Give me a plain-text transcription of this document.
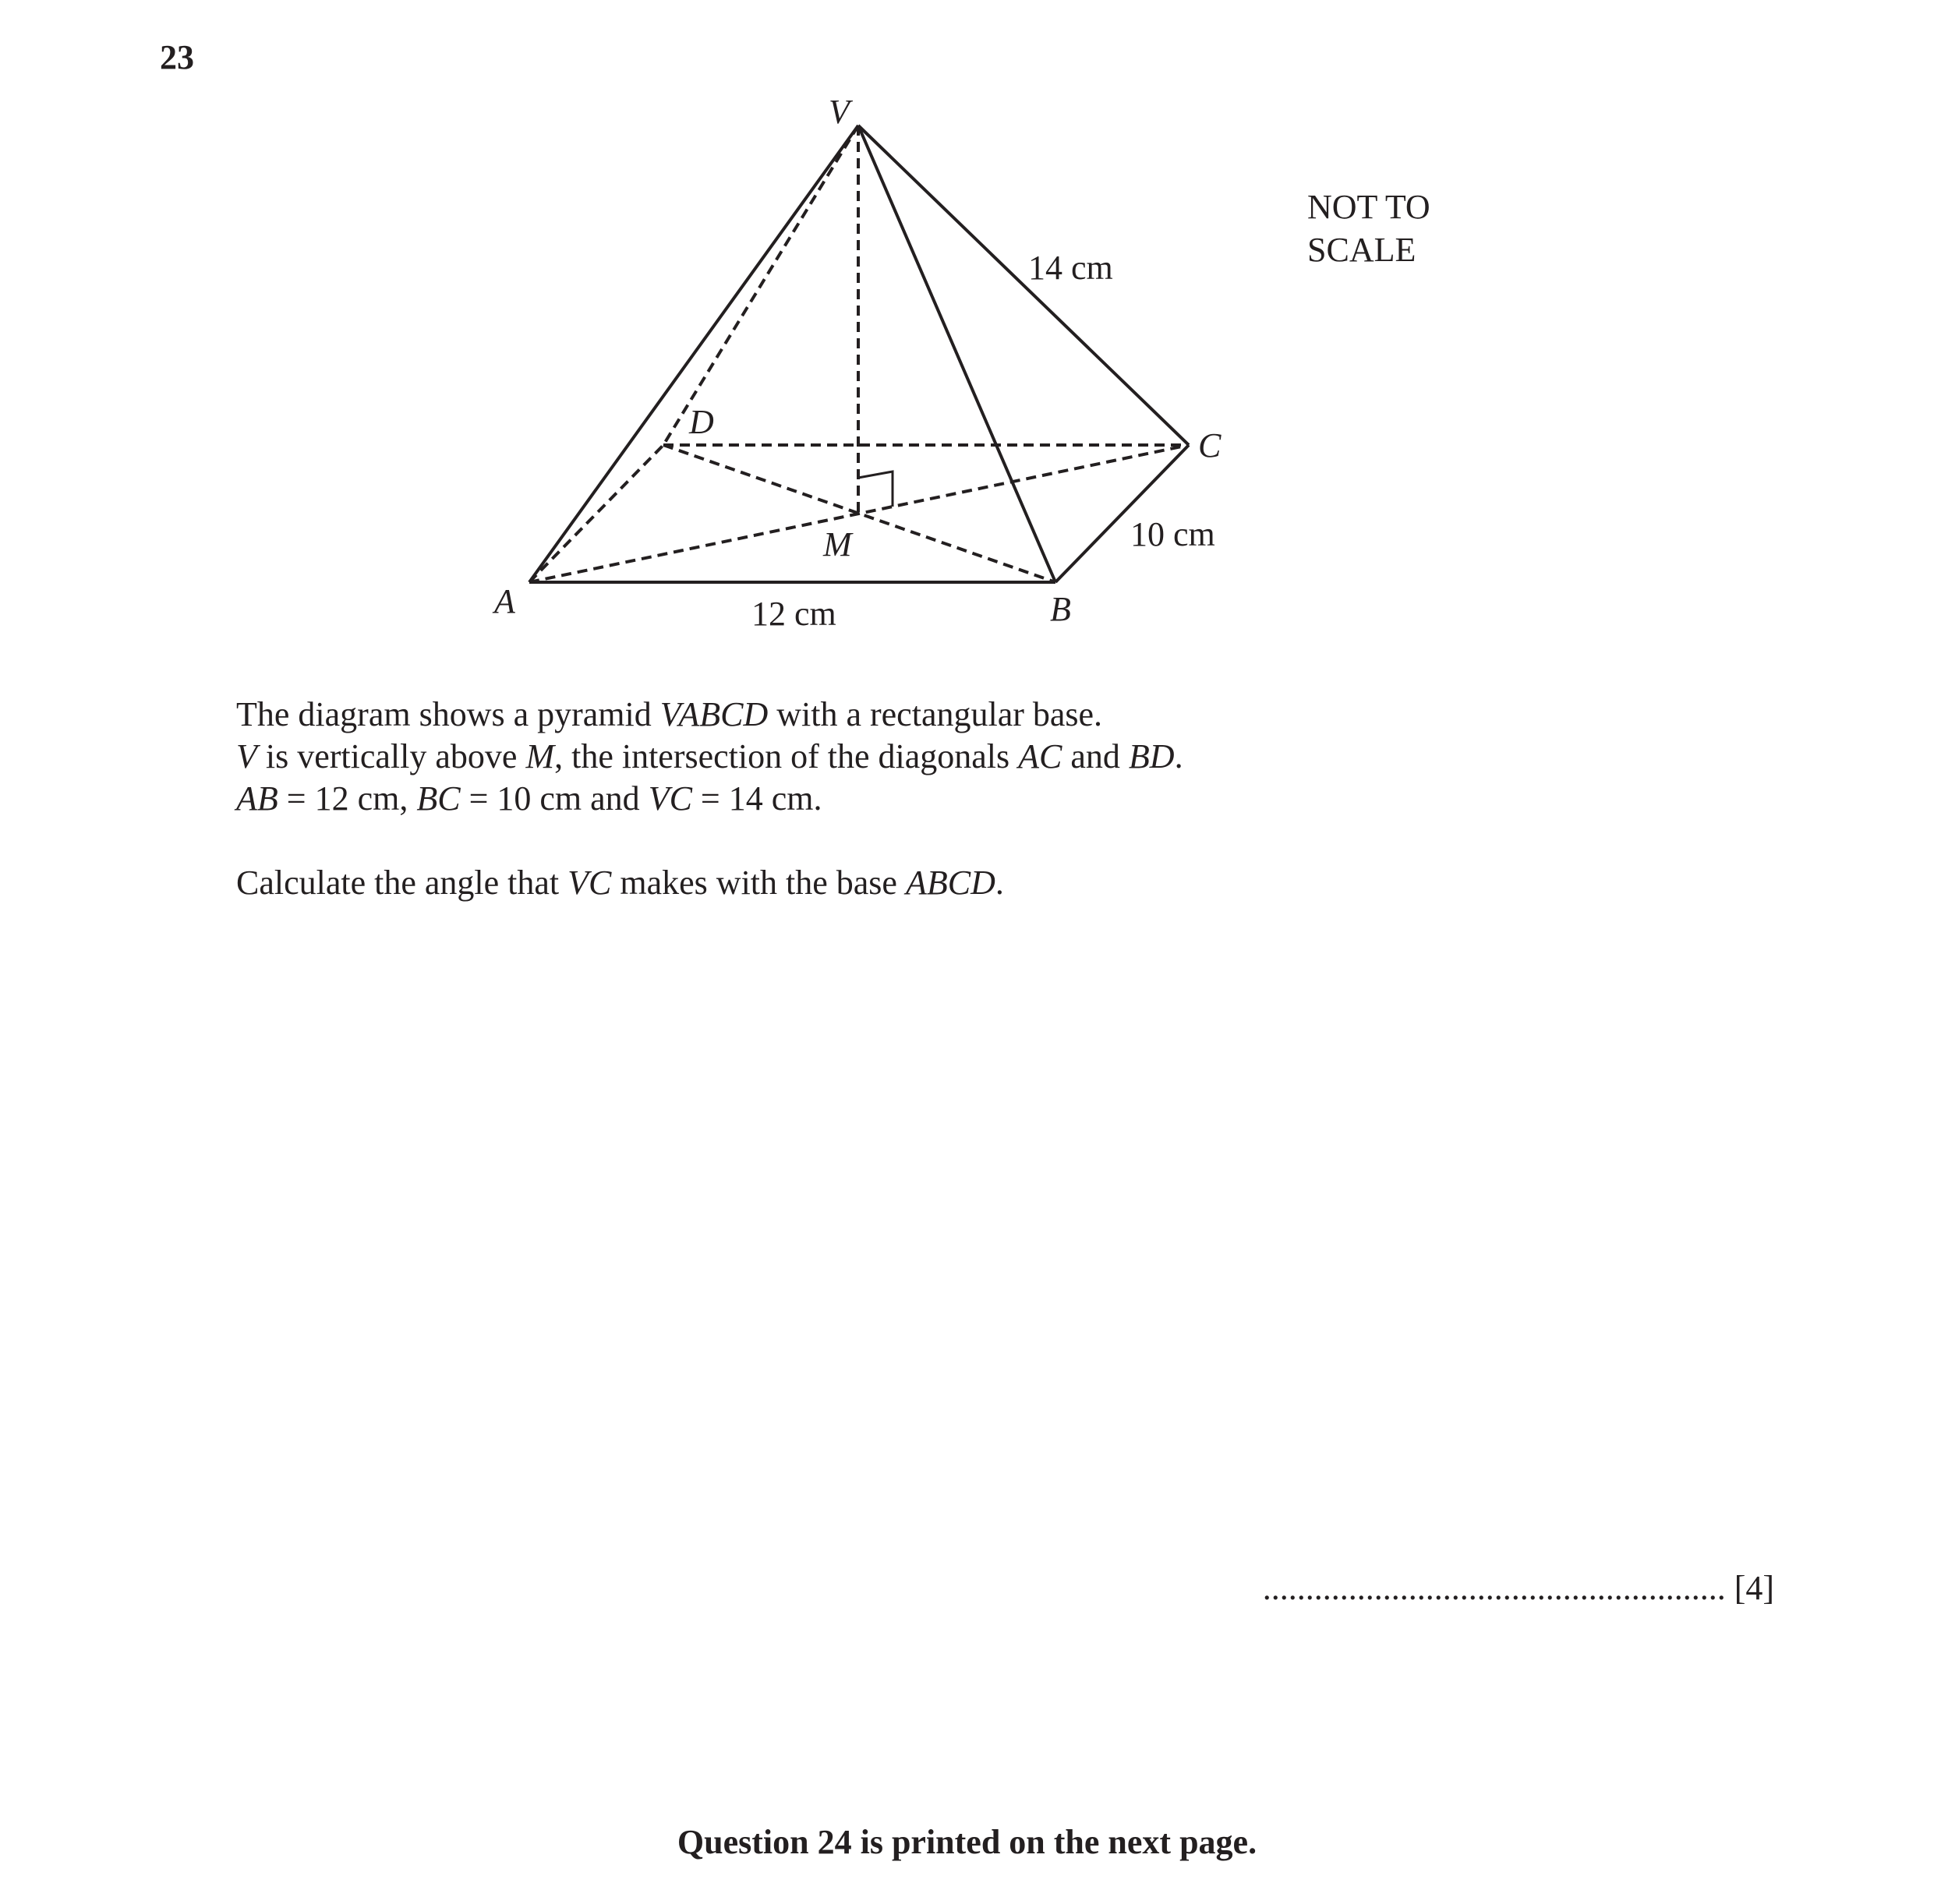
23
V
D
C
M
A	B
14 cm
10 cm
12 cm
NOT TO
SCALE

The diagram shows a pyramid VABCD with a rectangular base.

V is vertically above M, the intersection of the diagonals AC and BD.

AB = 12 cm, BC = 10 cm and VC = 14 cm.

Calculate the angle that VC makes with the base ABCD.

...................................................... [4]
Question 24 is printed on the next page.
